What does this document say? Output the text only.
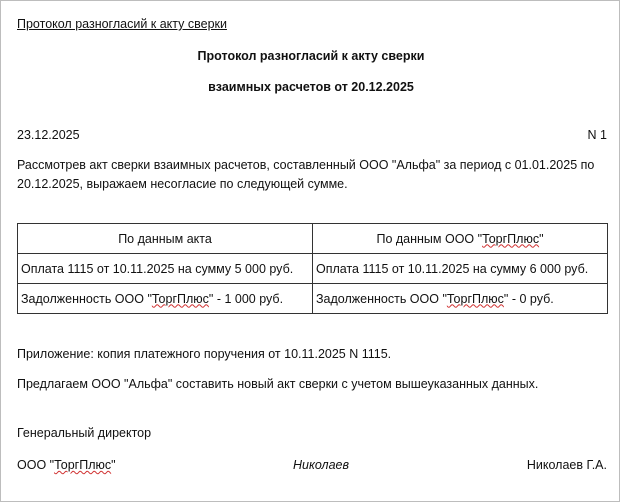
Протокол разногласий к акту сверки
Протокол разногласий к акту сверки
взаимных расчетов от 20.12.2025
23.12.2025	N 1
Рассмотрев акт сверки взаимных расчетов, составленный ООО "Альфа" за период с 01.01.2025 по 20.12.2025, выражаем несогласие по следующей сумме.
По данным акта	По данным ООО "ТоргПлюс"
Оплата 1115 от 10.11.2025 на сумму 5 000 руб.	Оплата 1115 от 10.11.2025 на сумму 6 000 руб.
Задолженность ООО "ТоргПлюс" - 1 000 руб.	Задолженность ООО "ТоргПлюс" - 0 руб.
Приложение: копия платежного поручения от 10.11.2025 N 1115.
Предлагаем ООО "Альфа" составить новый акт сверки с учетом вышеуказанных данных.
Генеральный директор
ООО "ТоргПлюс"	Николаев	Николаев Г.А.
